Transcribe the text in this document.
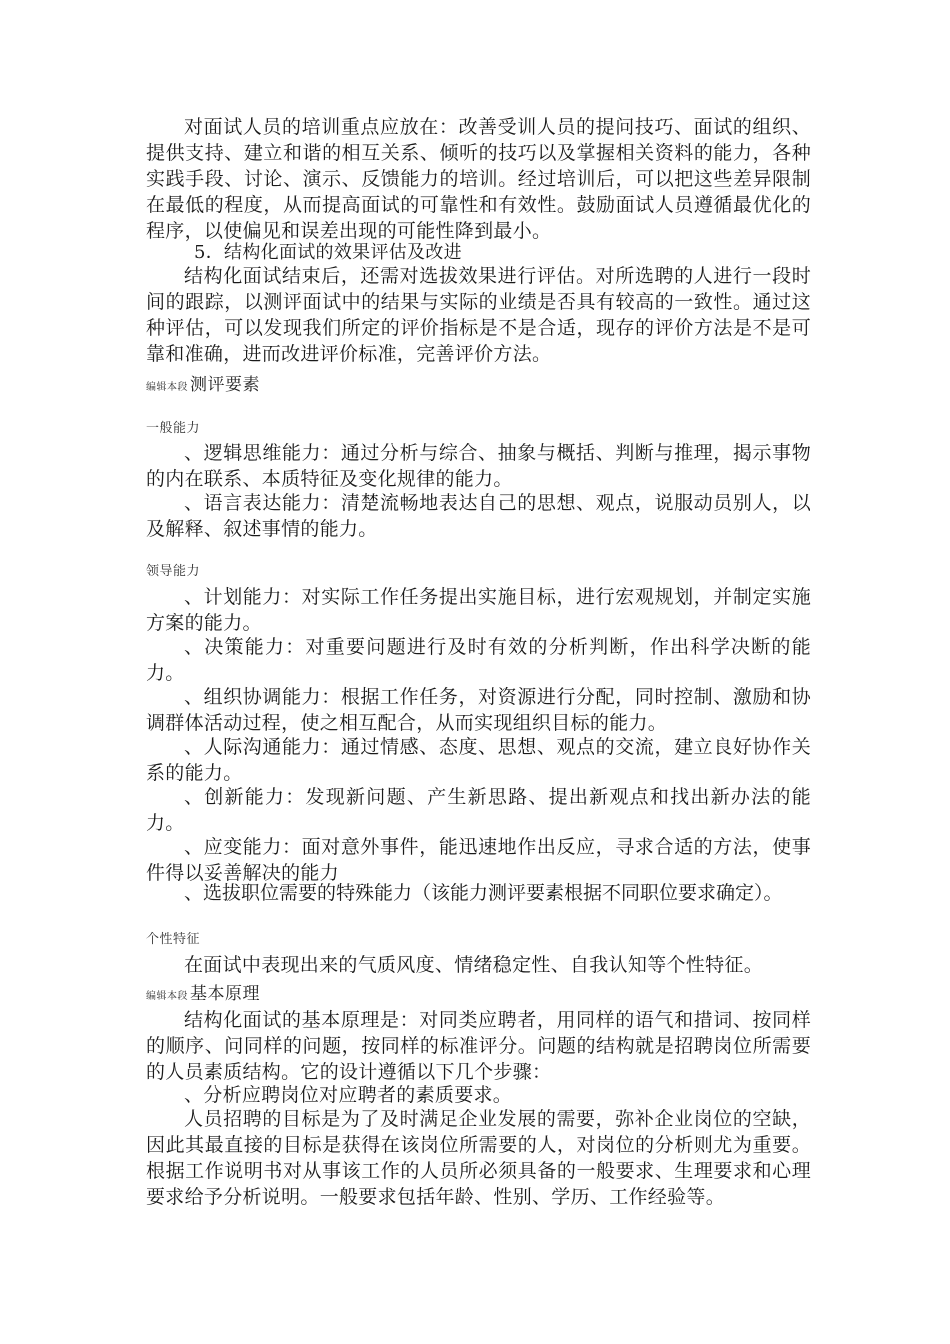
对面试人员的培训重点应放在：改善受训人员的提问技巧、面试的组织、提供支持、建立和谐的相互关系、倾听的技巧以及掌握相关资料的能力，各种实践手段、讨论、演示、反馈能力的培训。经过培训后，可以把这些差异限制在最低的程度，从而提高面试的可靠性和有效性。鼓励面试人员遵循最优化的程序，以使偏见和误差出现的可能性降到最小。

5．结构化面试的效果评估及改进

结构化面试结束后，还需对选拔效果进行评估。对所选聘的人进行一段时间的跟踪，以测评面试中的结果与实际的业绩是否具有较高的一致性。通过这种评估，可以发现我们所定的评价指标是不是合适，现存的评价方法是不是可靠和准确，进而改进评价标准，完善评价方法。

编辑本段 测评要素
一般能力

、逻辑思维能力：通过分析与综合、抽象与概括、判断与推理，揭示事物的内在联系、本质特征及变化规律的能力。

、语言表达能力：清楚流畅地表达自己的思想、观点，说服动员别人，以及解释、叙述事情的能力。

领导能力

、计划能力：对实际工作任务提出实施目标，进行宏观规划，并制定实施方案的能力。

、决策能力：对重要问题进行及时有效的分析判断，作出科学决断的能力。

、组织协调能力：根据工作任务，对资源进行分配，同时控制、激励和协调群体活动过程，使之相互配合，从而实现组织目标的能力。

、人际沟通能力：通过情感、态度、思想、观点的交流，建立良好协作关系的能力。

、创新能力：发现新问题、产生新思路、提出新观点和找出新办法的能力。

、应变能力：面对意外事件，能迅速地作出反应，寻求合适的方法，使事件得以妥善解决的能力

、选拔职位需要的特殊能力（该能力测评要素根据不同职位要求确定）。

个性特征

在面试中表现出来的气质风度、情绪稳定性、自我认知等个性特征。

编辑本段 基本原理

结构化面试的基本原理是：对同类应聘者，用同样的语气和措词、按同样的顺序、问同样的问题，按同样的标准评分。问题的结构就是招聘岗位所需要的人员素质结构。它的设计遵循以下几个步骤：

、分析应聘岗位对应聘者的素质要求。

人员招聘的目标是为了及时满足企业发展的需要，弥补企业岗位的空缺，因此其最直接的目标是获得在该岗位所需要的人，对岗位的分析则尤为重要。根据工作说明书对从事该工作的人员所必须具备的一般要求、生理要求和心理要求给予分析说明。一般要求包括年龄、性别、学历、工作经验等。
